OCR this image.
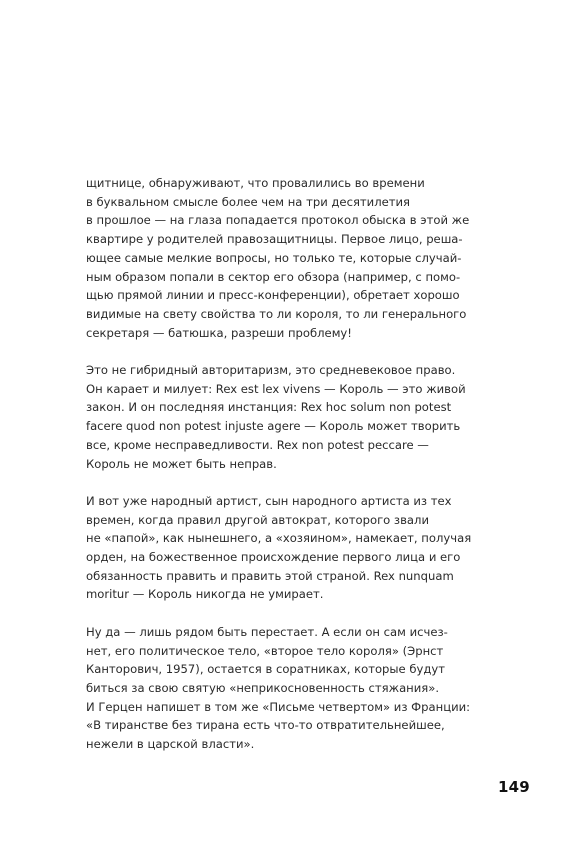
щитнице, обнаруживают, что провалились во времени
в буквальном смысле более чем на три десятилетия
в прошлое — на глаза попадается протокол обыска в этой же
квартире у родителей правозащитницы. Первое лицо, реша-
ющее самые мелкие вопросы, но только те, которые случай-
ным образом попали в сектор его обзора (например, с помо-
щью прямой линии и пресс-конференции), обретает хорошо
видимые на свету свойства то ли короля, то ли генерального
секретаря — батюшка, разреши проблему!

Это не гибридный авторитаризм, это средневековое право.
Он карает и милует: Rex est lex vivens — Король — это живой
закон. И он последняя инстанция: Rex hoc solum non potest
facere quod non potest injuste agere — Король может творить
все, кроме несправедливости. Rex non potest peccare —
Король не может быть неправ.

И вот уже народный артист, сын народного артиста из тех
времен, когда правил другой автократ, которого звали
не «папой», как нынешнего, а «хозяином», намекает, получая
орден, на божественное происхождение первого лица и его
обязанность править и править этой страной. Rex nunquam
moritur — Король никогда не умирает.

Ну да — лишь рядом быть перестает. А если он сам исчез-
нет, его политическое тело, «второе тело короля» (Эрнст
Канторович, 1957), остается в соратниках, которые будут
биться за свою святую «неприкосновенность стяжания».
И Герцен напишет в том же «Письме четвертом» из Франции:
«В тиранстве без тирана есть что-то отвратительнейшее,
нежели в царской власти».

149
